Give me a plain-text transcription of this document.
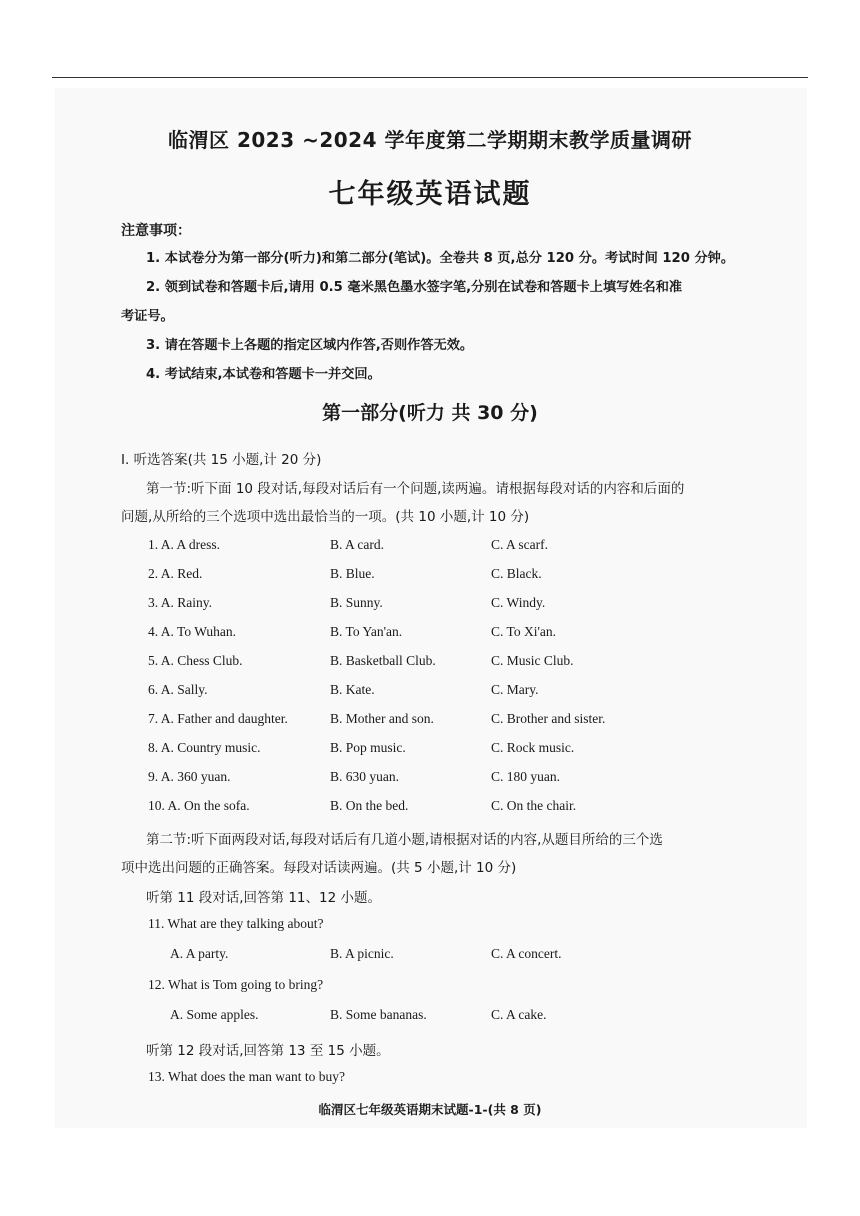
临渭区 2023 ~2024 学年度第二学期期末教学质量调研
七年级英语试题
注意事项：
1. 本试卷分为第一部分(听力)和第二部分(笔试)。全卷共 8 页,总分 120 分。考试时间 120 分钟。
2. 领到试卷和答题卡后,请用 0.5 毫米黑色墨水签字笔,分别在试卷和答题卡上填写姓名和准
考证号。
3. 请在答题卡上各题的指定区域内作答,否则作答无效。
4. 考试结束,本试卷和答题卡一并交回。
第一部分(听力 共 30 分)
Ⅰ. 听选答案(共 15 小题,计 20 分)
第一节:听下面 10 段对话,每段对话后有一个问题,读两遍。请根据每段对话的内容和后面的
问题,从所给的三个选项中选出最恰当的一项。(共 10 小题,计 10 分)
1. A. A dress.	B. A card.	C. A scarf.
2. A. Red.	B. Blue.	C. Black.
3. A. Rainy.	B. Sunny.	C. Windy.
4. A. To Wuhan.	B. To Yan'an.	C. To Xi'an.
5. A. Chess Club.	B. Basketball Club.	C. Music Club.
6. A. Sally.	B. Kate.	C. Mary.
7. A. Father and daughter.	B. Mother and son.	C. Brother and sister.
8. A. Country music.	B. Pop music.	C. Rock music.
9. A. 360 yuan.	B. 630 yuan.	C. 180 yuan.
10. A. On the sofa.	B. On the bed.	C. On the chair.
第二节:听下面两段对话,每段对话后有几道小题,请根据对话的内容,从题目所给的三个选
项中选出问题的正确答案。每段对话读两遍。(共 5 小题,计 10 分)
听第 11 段对话,回答第 11、12 小题。
11. What are they talking about?
A. A party.	B. A picnic.	C. A concert.
12. What is Tom going to bring?
A. Some apples.	B. Some bananas.	C. A cake.
听第 12 段对话,回答第 13 至 15 小题。
13. What does the man want to buy?
临渭区七年级英语期末试题-1-(共 8 页)
